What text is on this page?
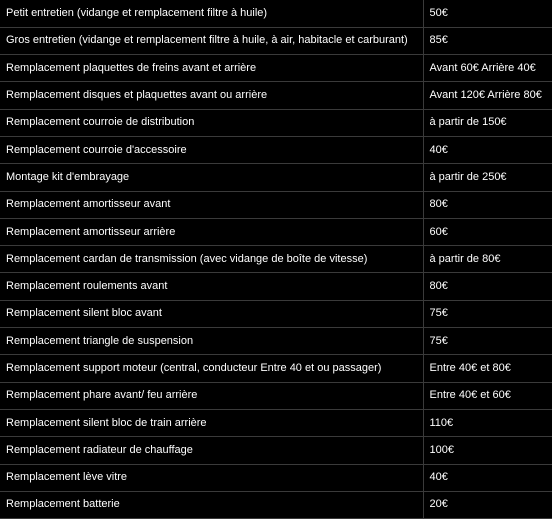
Petit entretien (vidange et remplacement filtre à huile)	50€
Gros entretien (vidange et remplacement filtre à huile, à air, habitacle et carburant)	85€
Remplacement plaquettes de freins avant et arrière	Avant 60€ Arrière 40€
Remplacement disques et plaquettes avant ou arrière	Avant 120€ Arrière 80€
Remplacement courroie de distribution	à partir de 150€
Remplacement courroie d'accessoire	40€
Montage kit d'embrayage	à partir de 250€
Remplacement amortisseur avant	80€
Remplacement amortisseur arrière	60€
Remplacement cardan de transmission (avec vidange de boîte de vitesse)	à partir de 80€
Remplacement roulements avant	80€
Remplacement silent bloc avant	75€
Remplacement triangle de suspension	75€
Remplacement support moteur (central, conducteur Entre 40 et ou passager)	Entre 40€ et 80€
Remplacement phare avant/ feu arrière	Entre 40€ et 60€
Remplacement silent bloc de train arrière	110€
Remplacement radiateur de chauffage	100€
Remplacement lève vitre	40€
Remplacement batterie	20€
